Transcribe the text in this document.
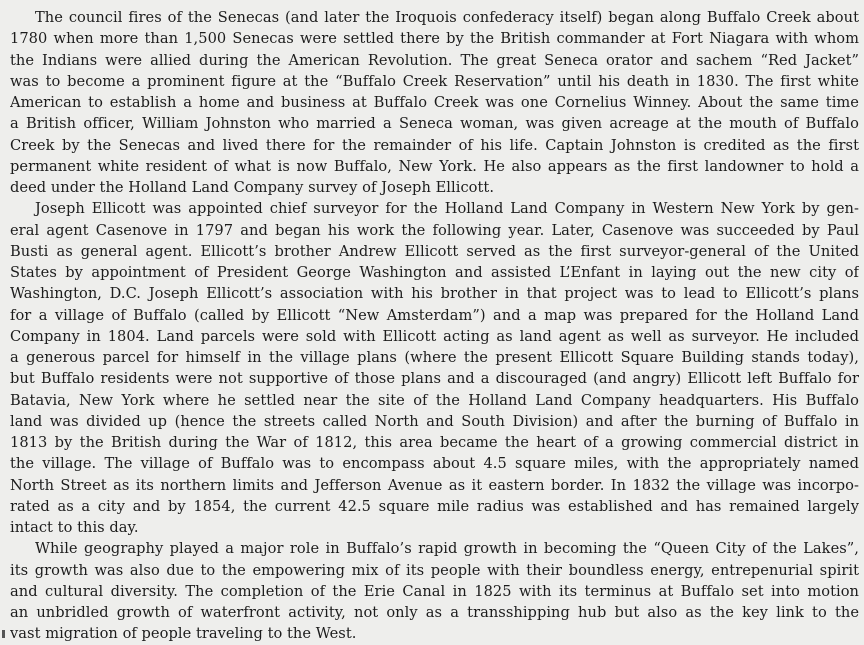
The council fires of the Senecas (and later the Iroquois confederacy itself) began along Buffalo Creek about
1780 when more than 1,500 Senecas were settled there by the British commander at Fort Niagara with whom
the Indians were allied during the American Revolution. The great Seneca orator and sachem “Red Jacket”
was to become a prominent figure at the “Buffalo Creek Reservation” until his death in 1830. The first white
American to establish a home and business at Buffalo Creek was one Cornelius Winney. About the same time
a British officer, William Johnston who married a Seneca woman, was given acreage at the mouth of Buffalo
Creek by the Senecas and lived there for the remainder of his life. Captain Johnston is credited as the first
permanent white resident of what is now Buffalo, New York. He also appears as the first landowner to hold a
deed under the Holland Land Company survey of Joseph Ellicott.

Joseph Ellicott was appointed chief surveyor for the Holland Land Company in Western New York by gen-
eral agent Casenove in 1797 and began his work the following year. Later, Casenove was succeeded by Paul
Busti as general agent. Ellicott’s brother Andrew Ellicott served as the first surveyor-general of the United
States by appointment of President George Washington and assisted L’Enfant in laying out the new city of
Washington, D.C. Joseph Ellicott’s association with his brother in that project was to lead to Ellicott’s plans
for a village of Buffalo (called by Ellicott “New Amsterdam”) and a map was prepared for the Holland Land
Company in 1804. Land parcels were sold with Ellicott acting as land agent as well as surveyor. He included
a generous parcel for himself in the village plans (where the present Ellicott Square Building stands today),
but Buffalo residents were not supportive of those plans and a discouraged (and angry) Ellicott left Buffalo for
Batavia, New York where he settled near the site of the Holland Land Company headquarters. His Buffalo
land was divided up (hence the streets called North and South Division) and after the burning of Buffalo in
1813 by the British during the War of 1812, this area became the heart of a growing commercial district in
the village. The village of Buffalo was to encompass about 4.5 square miles, with the appropriately named
North Street as its northern limits and Jefferson Avenue as it eastern border. In 1832 the village was incorpo-
rated as a city and by 1854, the current 42.5 square mile radius was established and has remained largely
intact to this day.

While geography played a major role in Buffalo’s rapid growth in becoming the “Queen City of the Lakes”,
its growth was also due to the empowering mix of its people with their boundless energy, entrepenurial spirit
and cultural diversity. The completion of the Erie Canal in 1825 with its terminus at Buffalo set into motion
an unbridled growth of waterfront activity, not only as a transshipping hub but also as the key link to the
vast migration of people traveling to the West.
